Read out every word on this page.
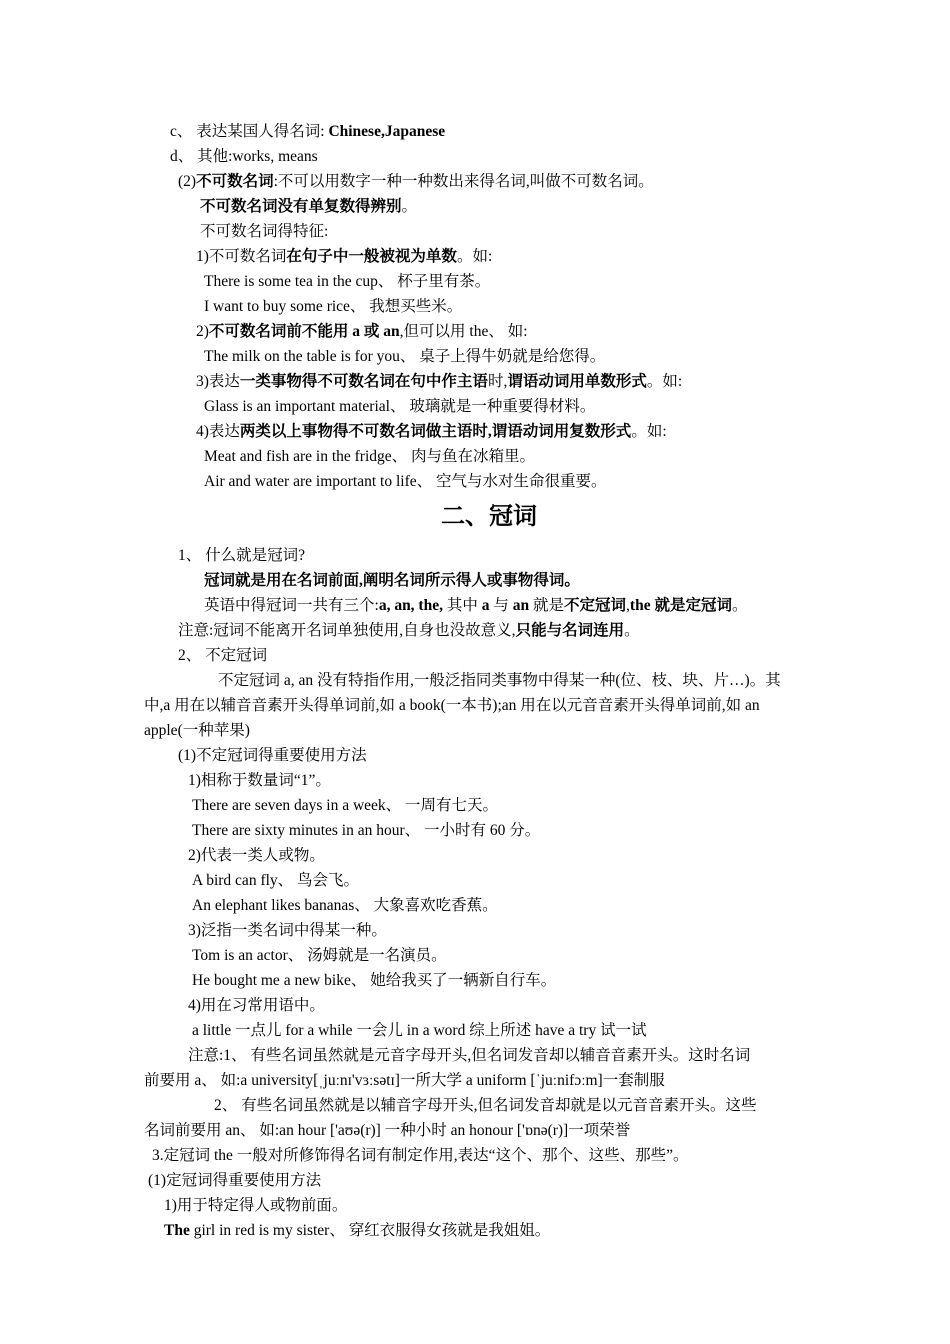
c、 表达某国人得名词: Chinese,Japanese
d、 其他:works, means
(2)不可数名词:不可以用数字一种一种数出来得名词,叫做不可数名词。
不可数名词没有单复数得辨别。
不可数名词得特征:
1)不可数名词在句子中一般被视为单数。如:
There is some tea in the cup、 杯子里有茶。
I want to buy some rice、 我想买些米。
2)不可数名词前不能用 a 或 an,但可以用 the、 如:
The milk on the table is for you、 桌子上得牛奶就是给您得。
3)表达一类事物得不可数名词在句中作主语时,谓语动词用单数形式。如:
Glass is an important material、 玻璃就是一种重要得材料。
4)表达两类以上事物得不可数名词做主语时,谓语动词用复数形式。如:
Meat and fish are in the fridge、 肉与鱼在冰箱里。
Air and water are important to life、 空气与水对生命很重要。
二、冠词
1、 什么就是冠词?
冠词就是用在名词前面,阐明名词所示得人或事物得词。
英语中得冠词一共有三个:a, an, the, 其中 a 与 an 就是不定冠词,the 就是定冠词。
注意:冠词不能离开名词单独使用,自身也没故意义,只能与名词连用。
2、 不定冠词
不定冠词 a, an 没有特指作用,一般泛指同类事物中得某一种(位、枝、块、片…)。其
中,a 用在以辅音音素开头得单词前,如 a book(一本书);an 用在以元音音素开头得单词前,如 an
apple(一种苹果)
(1)不定冠词得重要使用方法
1)相称于数量词“1”。
There are seven days in a week、 一周有七天。
There are sixty minutes in an hour、 一小时有 60 分。
2)代表一类人或物。
A bird can fly、 鸟会飞。
An elephant likes bananas、 大象喜欢吃香蕉。
3)泛指一类名词中得某一种。
Tom is an actor、 汤姆就是一名演员。
He bought me a new bike、 她给我买了一辆新自行车。
4)用在习常用语中。
a little 一点儿 for a while 一会儿 in a word 综上所述 have a try 试一试
注意:1、 有些名词虽然就是元音字母开头,但名词发音却以辅音音素开头。这时名词
前要用 a、 如:a university[ˌjuːnɪ'vɜːsətɪ]一所大学 a uniform [ˈjuːnifɔːm]一套制服
2、 有些名词虽然就是以辅音字母开头,但名词发音却就是以元音音素开头。这些
名词前要用 an、 如:an hour ['aʊə(r)] 一种小时 an honour ['ɒnə(r)]一项荣誉
3.定冠词 the 一般对所修饰得名词有制定作用,表达“这个、那个、这些、那些”。
(1)定冠词得重要使用方法
1)用于特定得人或物前面。
The girl in red is my sister、 穿红衣服得女孩就是我姐姐。
